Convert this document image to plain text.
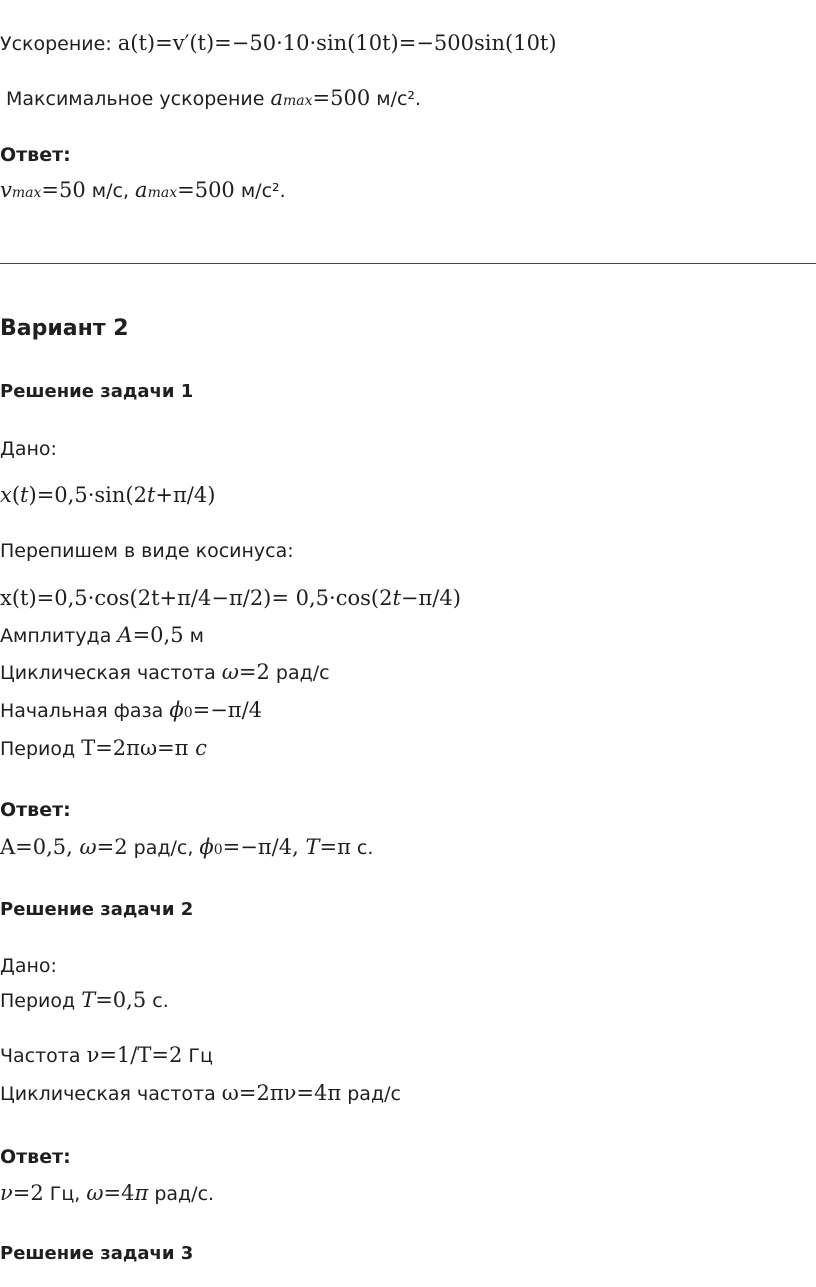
Ускорение: a(t)=v′(t)=−50·10·sin(10t)=−500sin(10t)
Максимальное ускорение amax=500 м/с².
Ответ:
vmax=50 м/с, amax=500 м/с².
Вариант 2
Решение задачи 1
Дано:
x(t)=0,5·sin(2t+π/4)
Перепишем в виде косинуса:
x(t)=0,5·cos(2t+π/4−π/2)= 0,5·cos(2t−π/4)
Амплитуда A=0,5 м
Циклическая частота ω=2 рад/с
Начальная фаза ϕ0=−π/4
Период T=2πω=π с
Ответ:
A=0,5, ω=2 рад/с, ϕ0=−π/4, T=π с.
Решение задачи 2
Дано:
Период T=0,5 с.
Частота ν=1/T=2 Гц
Циклическая частота ω=2πν=4π рад/с
Ответ:
ν=2 Гц, ω=4π рад/с.
Решение задачи 3
